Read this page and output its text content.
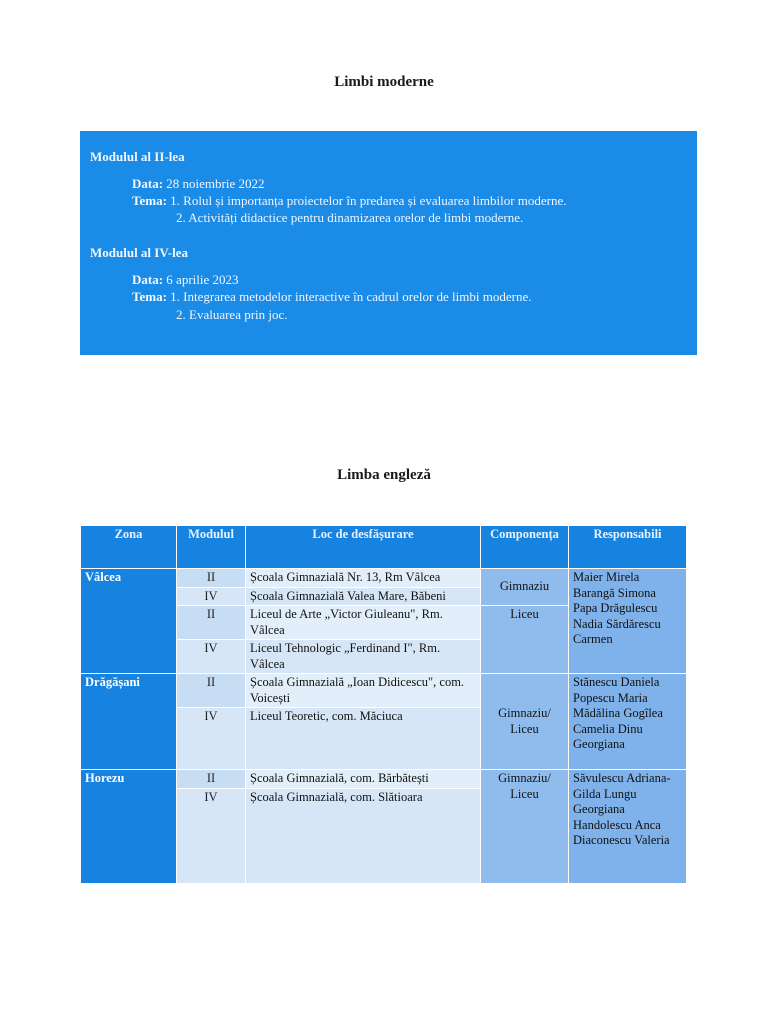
Limbi moderne
Modulul al II-lea
Data: 28 noiembrie 2022
Tema: 1. Rolul și importanța proiectelor în predarea și evaluarea limbilor moderne.
2. Activități didactice pentru dinamizarea orelor de limbi moderne.
Modulul al IV-lea
Data: 6 aprilie 2023
Tema: 1. Integrarea metodelor interactive în cadrul orelor de limbi moderne.
2. Evaluarea prin joc.
Limba engleză
Zona	Modulul	Loc de desfășurare	Componența	Responsabili
Vâlcea	II	Școala Gimnazială Nr. 13, Rm Vâlcea	Gimnaziu	Maier Mirela Barangă Simona Papa Drăgulescu Nadia Sărdărescu Carmen
	IV	Școala Gimnazială Valea Mare, Băbeni		
	II	Liceul de Arte „Victor Giuleanu", Rm. Vâlcea	Liceu	
	IV	Liceul Tehnologic „Ferdinand I", Rm. Vâlcea		
Drăgășani	II	Școala Gimnazială „Ioan Didicescu", com. Voicești	Gimnaziu/ Liceu	Stănescu Daniela Popescu Maria Mădălina Gogîlea Camelia Dinu Georgiana
	IV	Liceul Teoretic, com. Măciuca		
Horezu	II	Școala Gimnazială, com. Bărbătești	Gimnaziu/ Liceu	Săvulescu Adriana-Gilda Lungu Georgiana Handolescu Anca Diaconescu Valeria
	IV	Școala Gimnazială, com. Slătioara		
